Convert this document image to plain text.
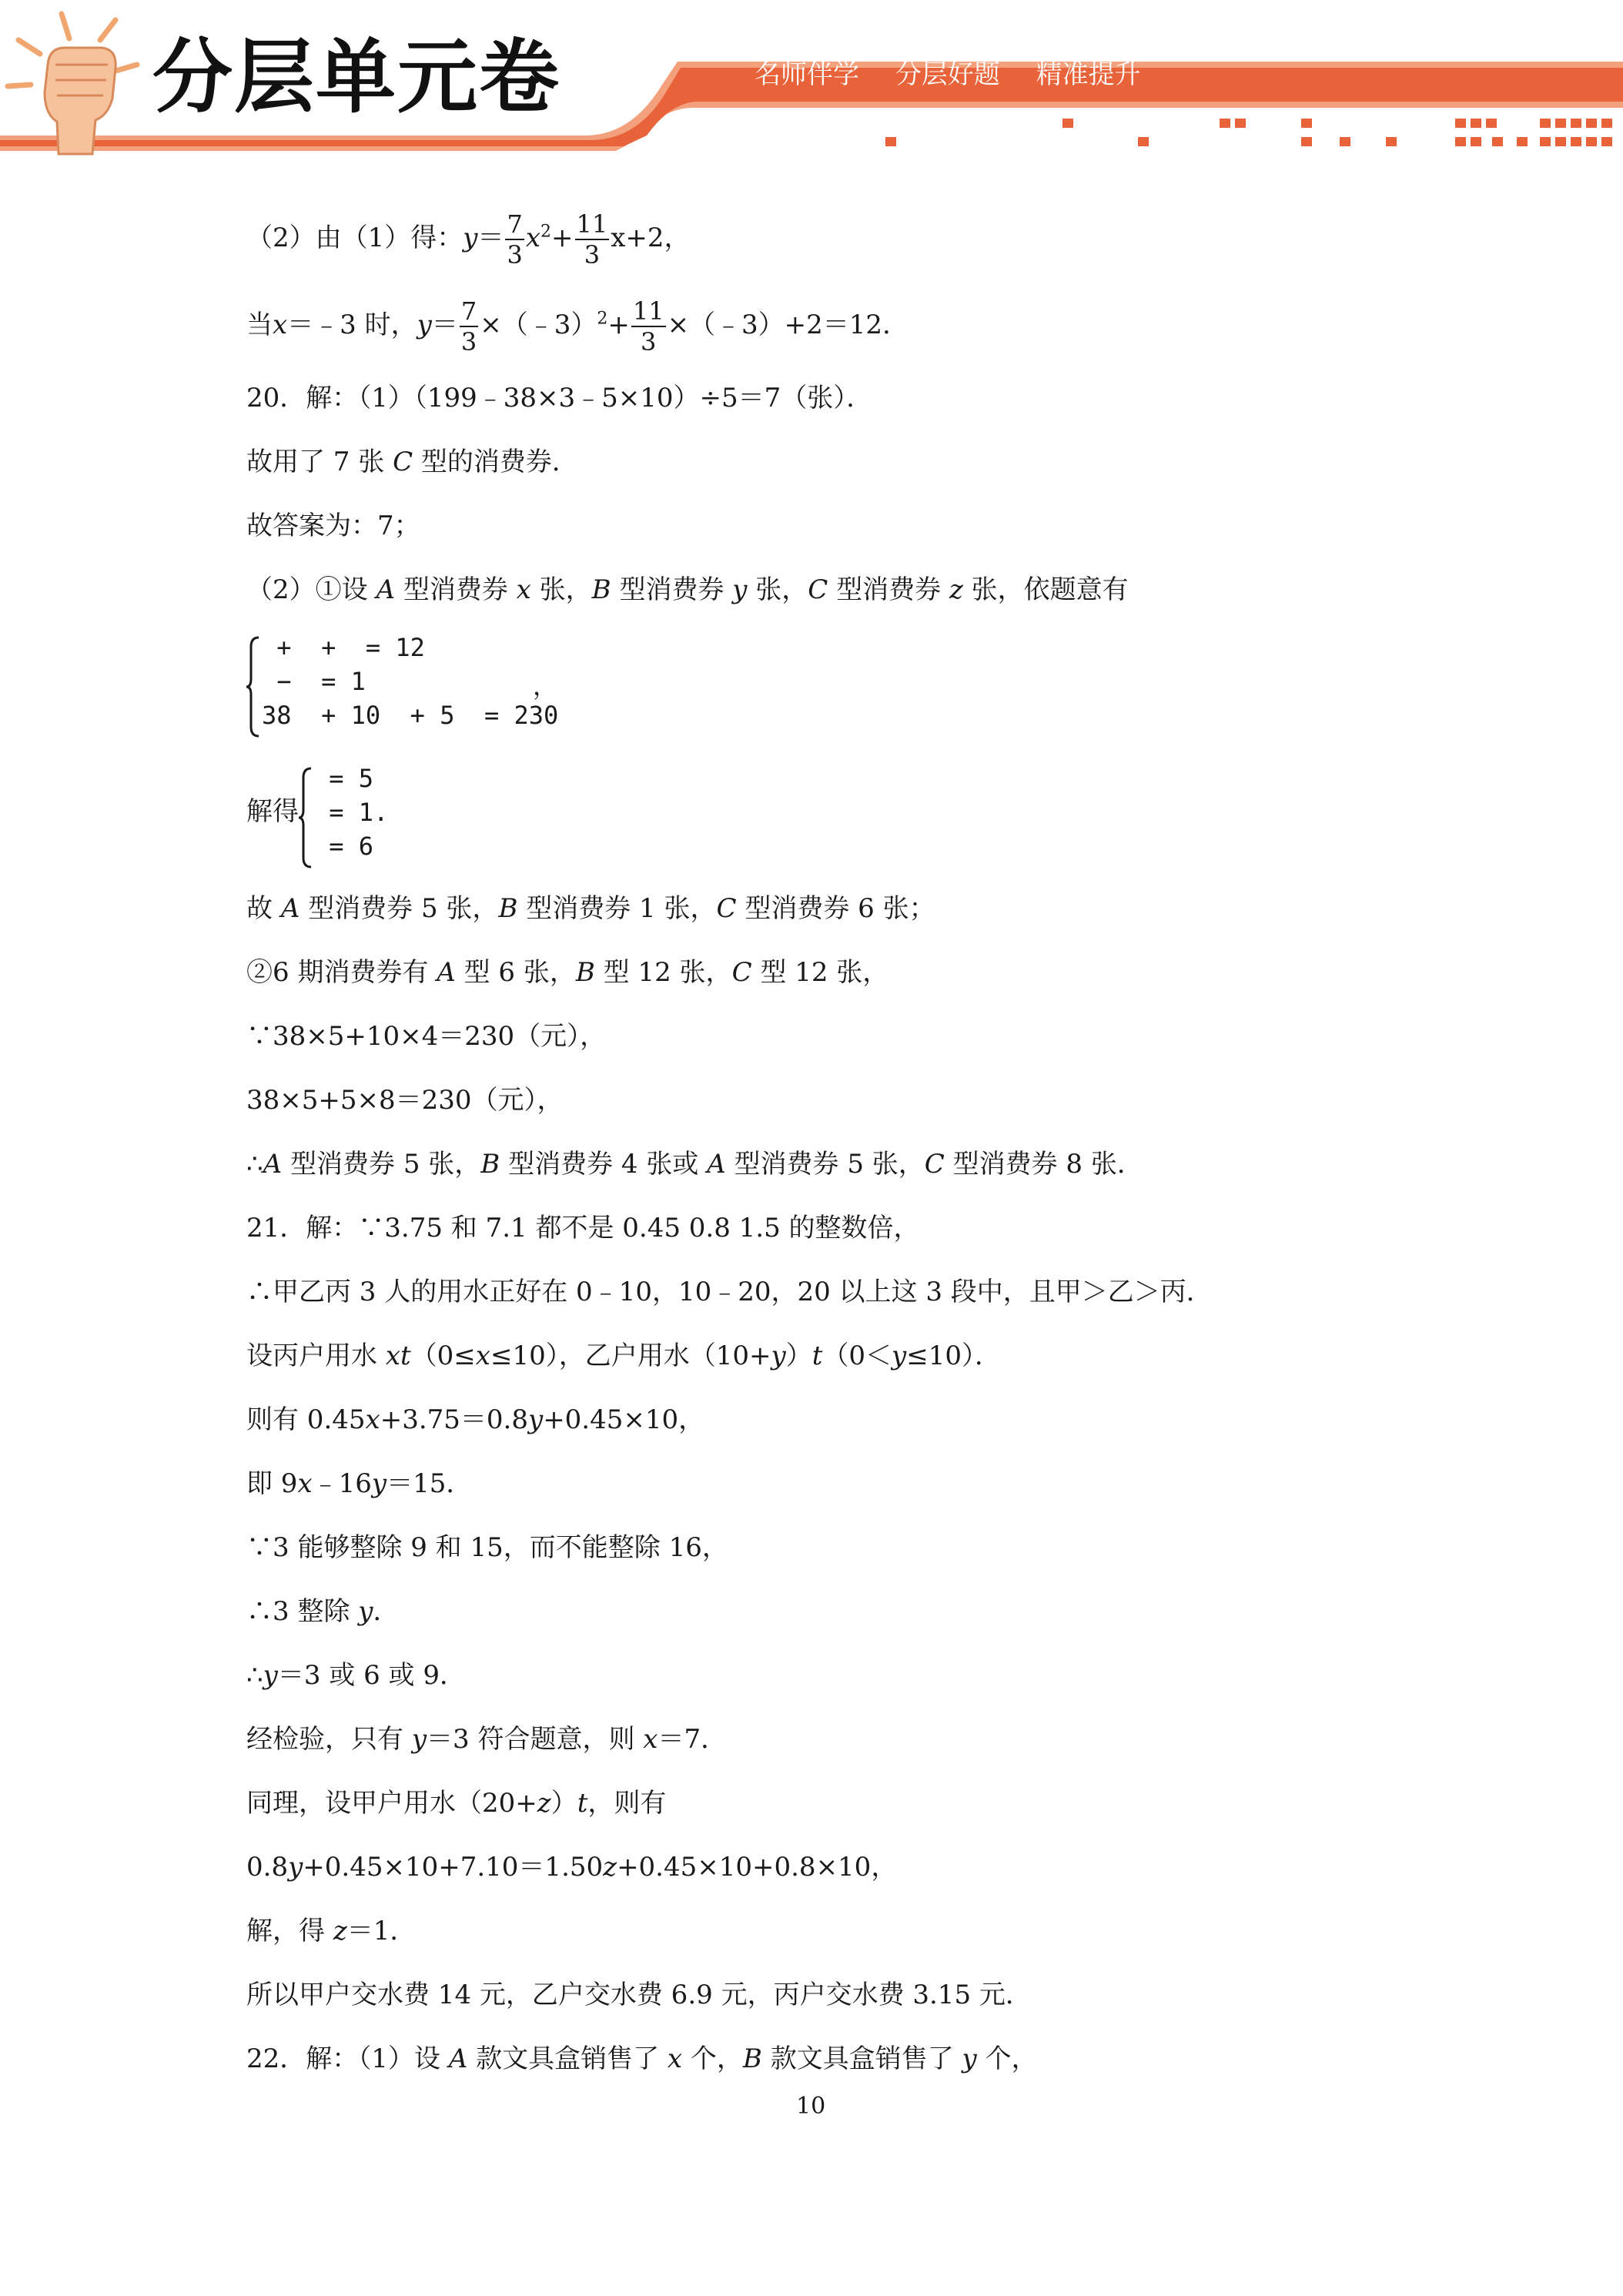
分层单元卷	名师伴学 分层好题 精准提升
（2）由（1）得：$y= \frac{7}{3} x^2+ \frac{11}{3} x+2$，
当x＝﹣3 时，$y= \frac{7}{3}$ ×（﹣3）$^2$+ $\frac{11}{3}$ ×（﹣3）+2＝12．
20．解：（1）（199﹣38×3﹣5×10）÷5＝7（张）．
故用了 7 张 C 型的消费券．
故答案为：7；
（2）①设 A 型消费券 x 张，B 型消费券 y 张，C 型消费券 z 张，依题意有
+  +  = 12
−  = 1
38  + 10  + 5  = 230
，
解得
= 5
= 1.
= 6
故 A 型消费券 5 张，B 型消费券 1 张，C 型消费券 6 张；
②6 期消费券有 A 型 6 张，B 型 12 张，C 型 12 张，
∵38×5+10×4＝230（元），
38×5+5×8＝230（元），
∴A 型消费券 5 张，B 型消费券 4 张或 A 型消费券 5 张，C 型消费券 8 张．
21．解：∵3.75 和 7.1 都不是 0.45 0.8 1.5 的整数倍，
∴甲乙丙 3 人的用水正好在 0﹣10，10﹣20，20 以上这 3 段中，且甲＞乙＞丙．
设丙户用水 xt（0≤x≤10），乙户用水（10+y）t（0＜y≤10）．
则有 0.45x+3.75＝0.8y+0.45×10，
即 9x﹣16y＝15．
∵3 能够整除 9 和 15，而不能整除 16，
∴3 整除 y．
∴y＝3 或 6 或 9．
经检验，只有 y＝3 符合题意，则 x＝7．
同理，设甲户用水（20+z）t，则有
0.8y+0.45×10+7.10＝1.50z+0.45×10+0.8×10，
解，得 z＝1．
所以甲户交水费 14 元，乙户交水费 6.9 元，丙户交水费 3.15 元．
22．解：（1）设 A 款文具盒销售了 x 个，B 款文具盒销售了 y 个，
10
